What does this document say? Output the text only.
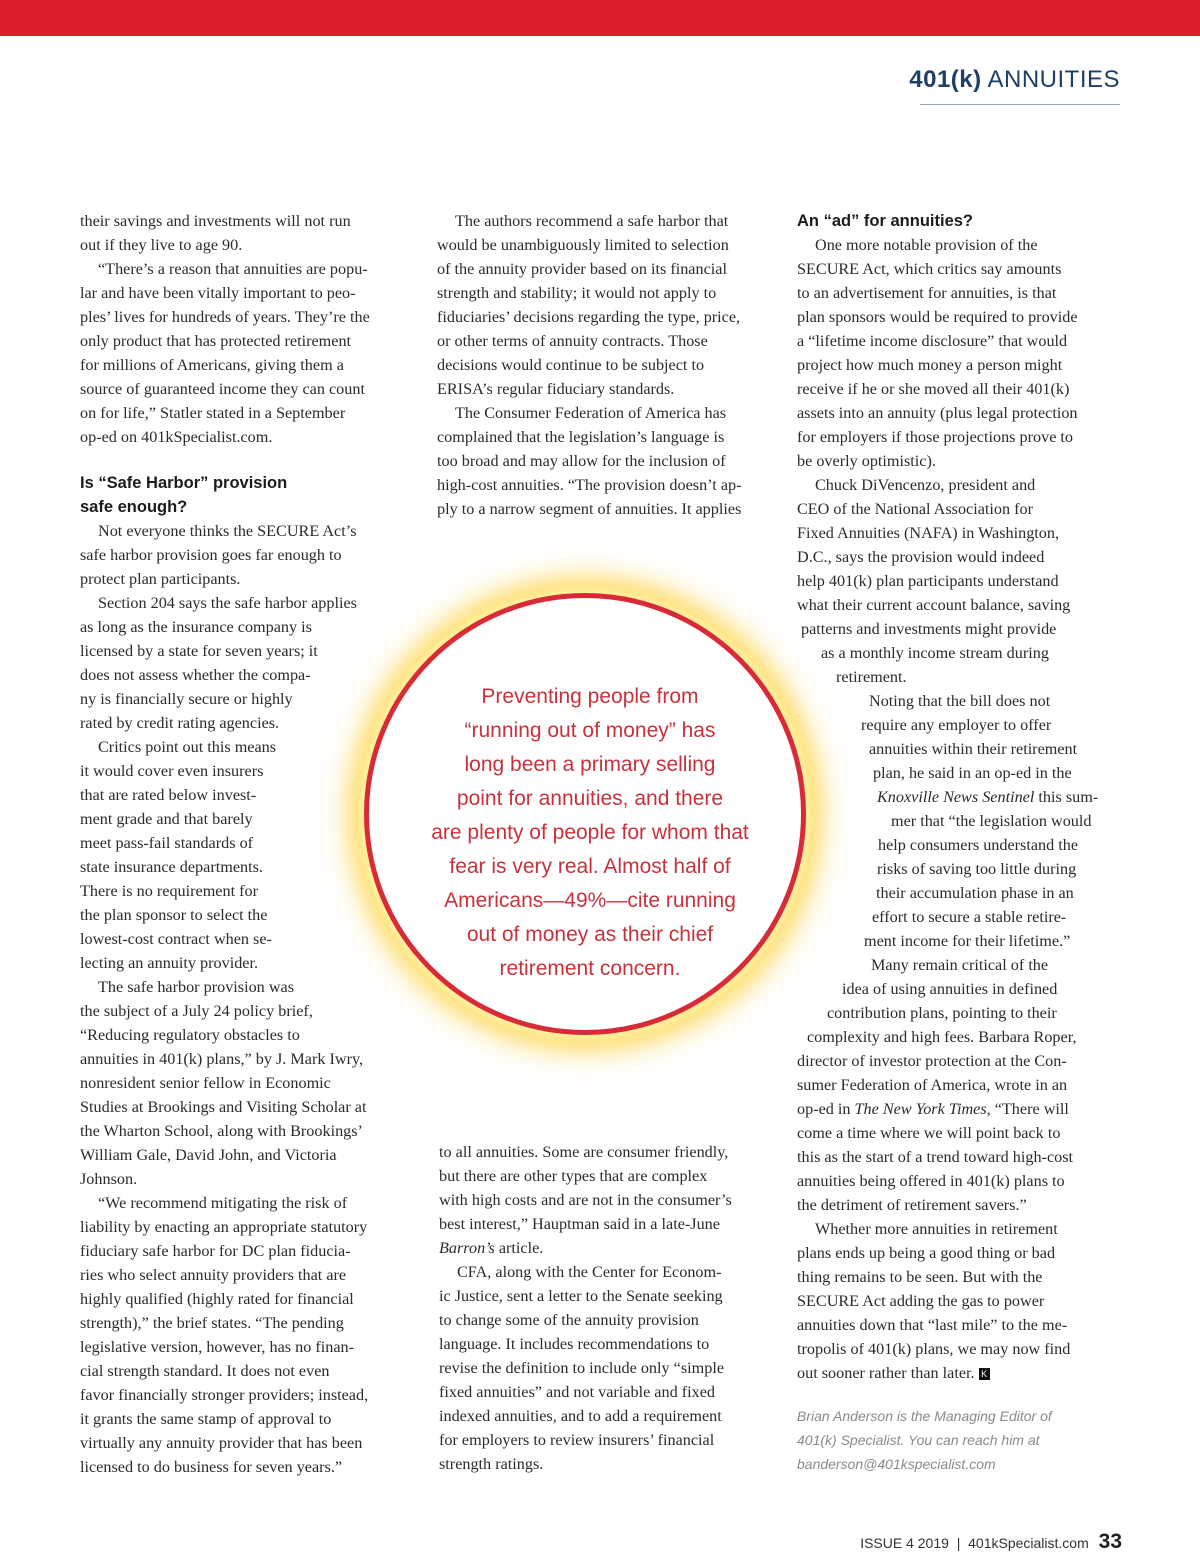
401(k) ANNUITIES
their savings and investments will not run
out if they live to age 90.
“There’s a reason that annuities are popu-
lar and have been vitally important to peo-
ples’ lives for hundreds of years. They’re the
only product that has protected retirement
for millions of Americans, giving them a
source of guaranteed income they can count
on for life,” Statler stated in a September
op-ed on 401kSpecialist.com.
Is “Safe Harbor” provision
safe enough?
Not everyone thinks the SECURE Act’s
safe harbor provision goes far enough to
protect plan participants.
Section 204 says the safe harbor applies
as long as the insurance company is
licensed by a state for seven years; it
does not assess whether the compa-
ny is financially secure or highly
rated by credit rating agencies.
Critics point out this means
it would cover even insurers
that are rated below invest-
ment grade and that barely
meet pass-fail standards of
state insurance departments.
There is no requirement for
the plan sponsor to select the
lowest-cost contract when se-
lecting an annuity provider.
The safe harbor provision was
the subject of a July 24 policy brief,
“Reducing regulatory obstacles to
annuities in 401(k) plans,” by J. Mark Iwry,
nonresident senior fellow in Economic
Studies at Brookings and Visiting Scholar at
the Wharton School, along with Brookings’
William Gale, David John, and Victoria
Johnson.
“We recommend mitigating the risk of
liability by enacting an appropriate statutory
fiduciary safe harbor for DC plan fiducia-
ries who select annuity providers that are
highly qualified (highly rated for financial
strength),” the brief states. “The pending
legislative version, however, has no finan-
cial strength standard. It does not even
favor financially stronger providers; instead,
it grants the same stamp of approval to
virtually any annuity provider that has been
licensed to do business for seven years.”
The authors recommend a safe harbor that
would be unambiguously limited to selection
of the annuity provider based on its financial
strength and stability; it would not apply to
fiduciaries’ decisions regarding the type, price,
or other terms of annuity contracts. Those
decisions would continue to be subject to
ERISA’s regular fiduciary standards.
The Consumer Federation of America has
complained that the legislation’s language is
too broad and may allow for the inclusion of
high-cost annuities. “The provision doesn’t ap-
ply to a narrow segment of annuities. It applies
to all annuities. Some are consumer friendly,
but there are other types that are complex
with high costs and are not in the consumer’s
best interest,” Hauptman said in a late-June
Barron’s article.
CFA, along with the Center for Econom-
ic Justice, sent a letter to the Senate seeking
to change some of the annuity provision
language. It includes recommendations to
revise the definition to include only “simple
fixed annuities” and not variable and fixed
indexed annuities, and to add a requirement
for employers to review insurers’ financial
strength ratings.
Preventing people from
“running out of money” has
long been a primary selling
point for annuities, and there
are plenty of people for whom that
fear is very real. Almost half of
Americans—49%—cite running
out of money as their chief
retirement concern.
An “ad” for annuities?
One more notable provision of the
SECURE Act, which critics say amounts
to an advertisement for annuities, is that
plan sponsors would be required to provide
a “lifetime income disclosure” that would
project how much money a person might
receive if he or she moved all their 401(k)
assets into an annuity (plus legal protection
for employers if those projections prove to
be overly optimistic).
Chuck DiVencenzo, president and
CEO of the National Association for
Fixed Annuities (NAFA) in Washington,
D.C., says the provision would indeed
help 401(k) plan participants understand
what their current account balance, saving
patterns and investments might provide
as a monthly income stream during
retirement.
Noting that the bill does not
require any employer to offer
annuities within their retirement
plan, he said in an op-ed in the
Knoxville News Sentinel this sum-
mer that “the legislation would
help consumers understand the
risks of saving too little during
their accumulation phase in an
effort to secure a stable retire-
ment income for their lifetime.”
Many remain critical of the
idea of using annuities in defined
contribution plans, pointing to their
complexity and high fees. Barbara Roper,
director of investor protection at the Con-
sumer Federation of America, wrote in an
op-ed in The New York Times, “There will
come a time where we will point back to
this as the start of a trend toward high-cost
annuities being offered in 401(k) plans to
the detriment of retirement savers.”
Whether more annuities in retirement
plans ends up being a good thing or bad
thing remains to be seen. But with the
SECURE Act adding the gas to power
annuities down that “last mile” to the me-
tropolis of 401(k) plans, we may now find
out sooner rather than later. K
Brian Anderson is the Managing Editor of
401(k) Specialist. You can reach him at
banderson@401kspecialist.com
ISSUE 4 2019 | 401kSpecialist.com 33
